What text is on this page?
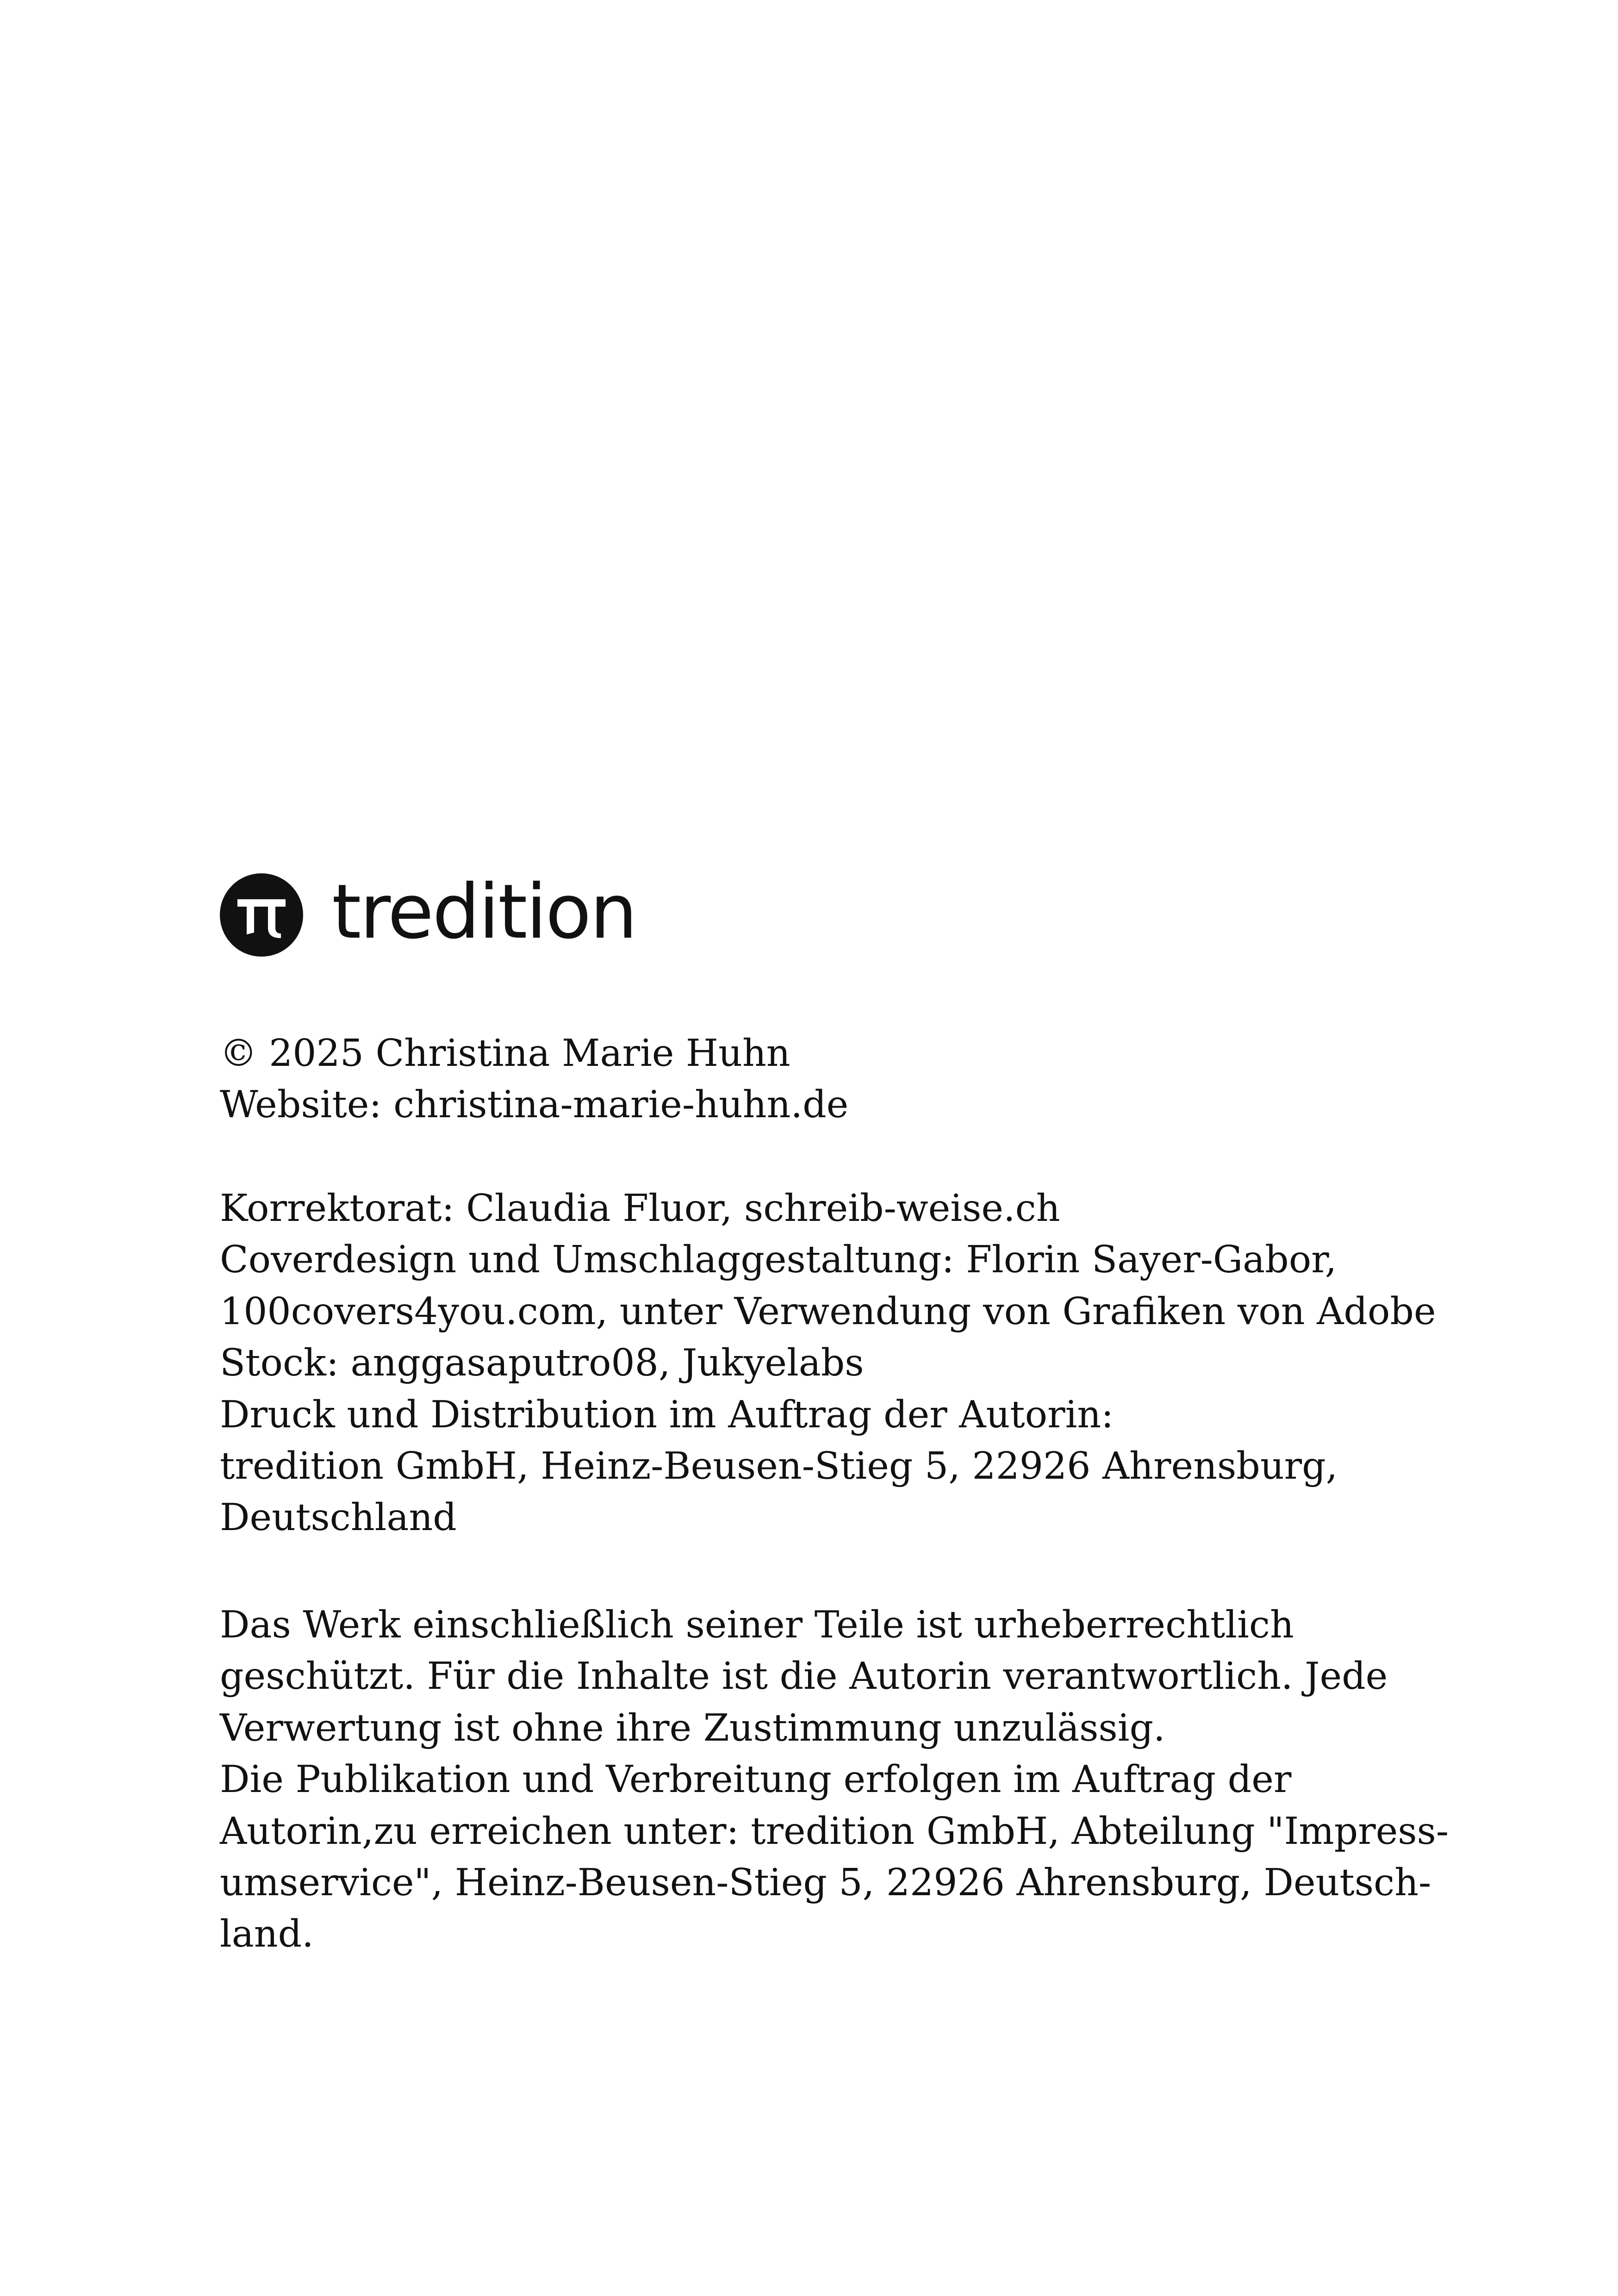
tredition
© 2025 Christina Marie Huhn
Website: christina-marie-huhn.de
Korrektorat: Claudia Fluor, schreib-weise.ch
Coverdesign und Umschlaggestaltung: Florin Sayer-Gabor,
100covers4you.com, unter Verwendung von Grafiken von Adobe
Stock: anggasaputro08, Jukyelabs
Druck und Distribution im Auftrag der Autorin:
tredition GmbH, Heinz-Beusen-Stieg 5, 22926 Ahrensburg,
Deutschland
Das Werk einschließlich seiner Teile ist urheberrechtlich
geschützt. Für die Inhalte ist die Autorin verantwortlich. Jede
Verwertung ist ohne ihre Zustimmung unzulässig.
Die Publikation und Verbreitung erfolgen im Auftrag der
Autorin,zu erreichen unter: tredition GmbH, Abteilung "Impress-
umservice", Heinz-Beusen-Stieg 5, 22926 Ahrensburg, Deutsch-
land.
